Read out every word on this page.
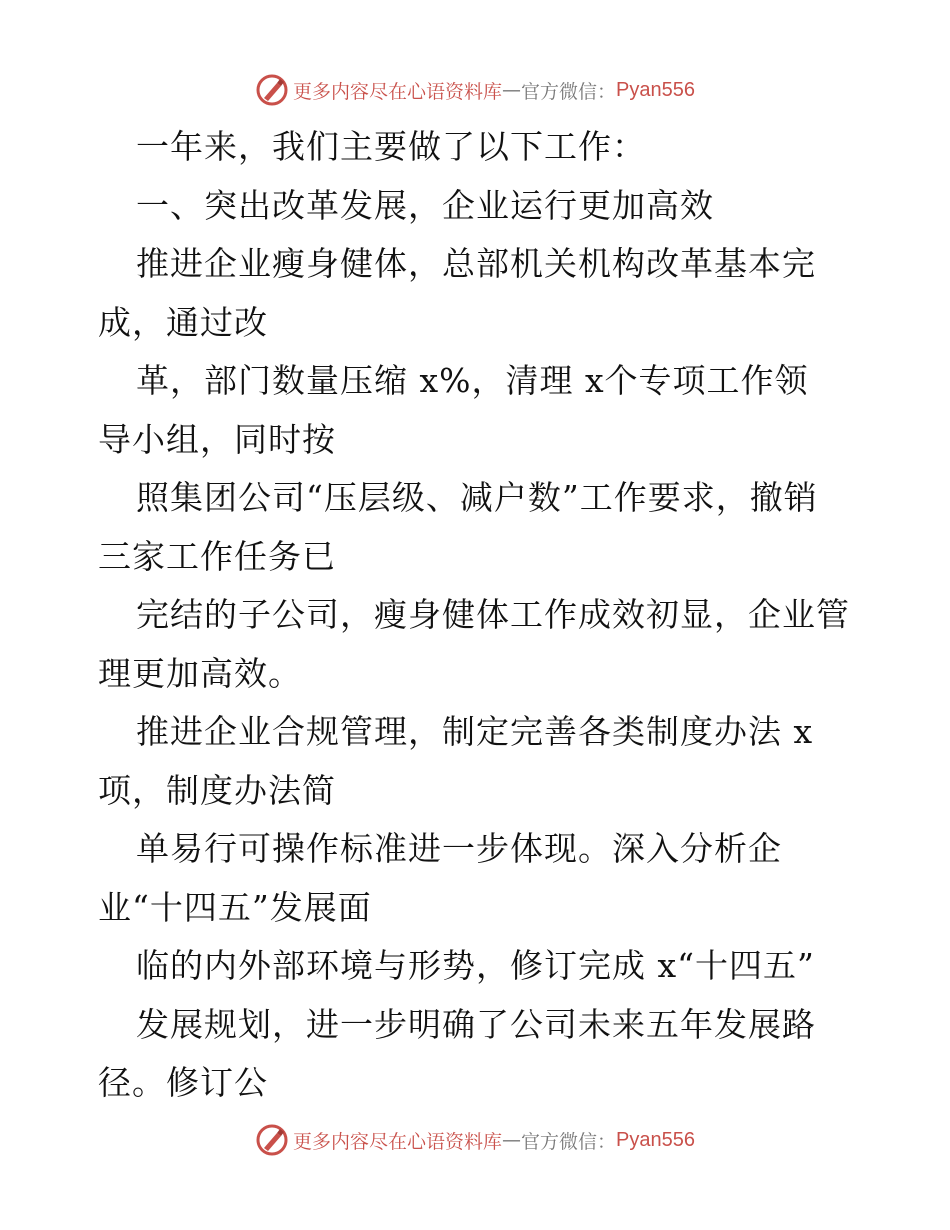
更多内容尽在心语资料库 — 官方微信： Pyan556
一年来，我们主要做了以下工作：
一、突出改革发展，企业运行更加高效
推进企业瘦身健体，总部机关机构改革基本完
成，通过改
革，部门数量压缩 x%，清理 x个专项工作领
导小组，同时按
照集团公司“压层级、减户数”工作要求，撤销
三家工作任务已
完结的子公司，瘦身健体工作成效初显，企业管
理更加高效。
推进企业合规管理，制定完善各类制度办法 x
项，制度办法简
单易行可操作标准进一步体现。深入分析企
业“十四五”发展面
临的内外部环境与形势，修订完成 x“十四五”
发展规划，进一步明确了公司未来五年发展路
径。修订公
更多内容尽在心语资料库 — 官方微信： Pyan556
